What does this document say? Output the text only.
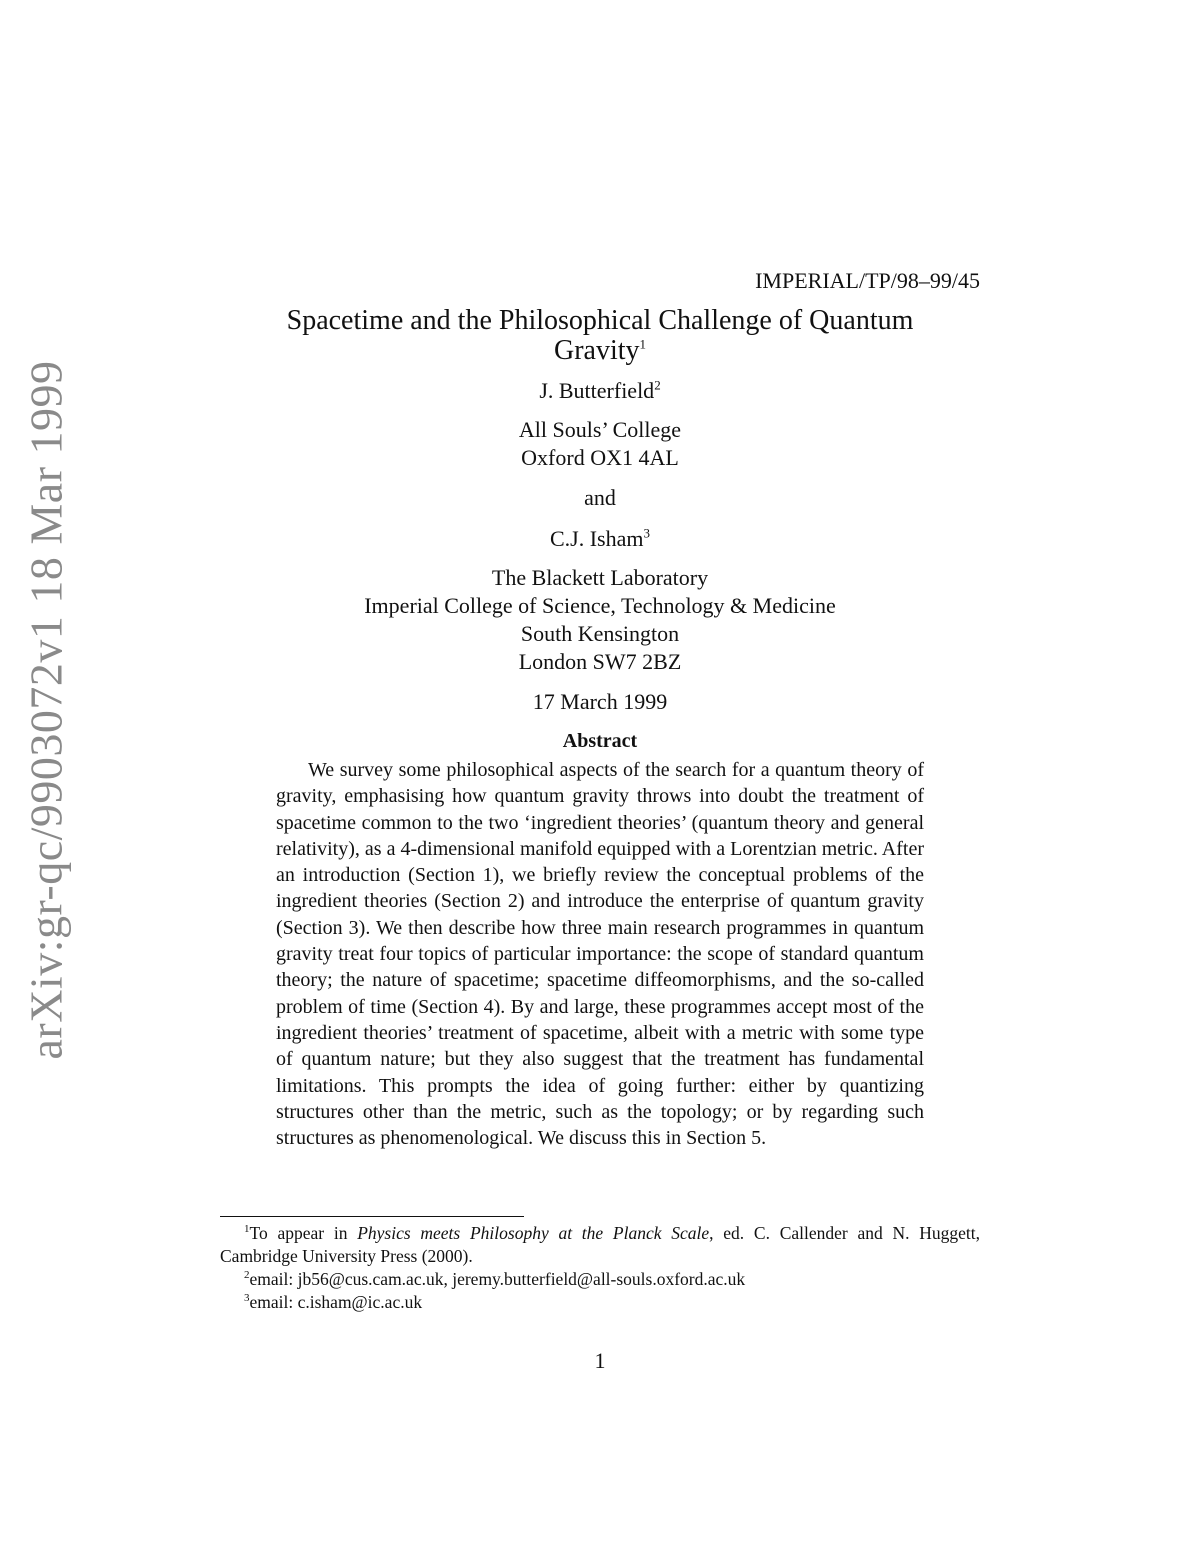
arXiv:gr-qc/9903072v1 18 Mar 1999
IMPERIAL/TP/98–99/45
Spacetime and the Philosophical Challenge of Quantum
Gravity$^1$
J. Butterfield$^2$
All Souls’ College
Oxford OX1 4AL
and
C.J. Isham$^3$
The Blackett Laboratory
Imperial College of Science, Technology & Medicine
South Kensington
London SW7 2BZ
17 March 1999
Abstract
We survey some philosophical aspects of the search for a quantum theory of gravity, emphasising how quantum gravity throws into doubt the treatment of spacetime common to the two ‘ingredient theories’ (quantum theory and general relativity), as a 4-dimensional manifold equipped with a Lorentzian metric. After an introduction (Section 1), we briefly review the conceptual problems of the ingredient theories (Section 2) and introduce the enterprise of quantum gravity (Section 3). We then describe how three main research programmes in quantum gravity treat four topics of particular importance: the scope of standard quantum theory; the nature of spacetime; spacetime diffeomorphisms, and the so-called problem of time (Section 4). By and large, these programmes accept most of the ingredient theories’ treatment of spacetime, albeit with a metric with some type of quantum nature; but they also suggest that the treatment has fundamental limitations. This prompts the idea of going further: either by quantizing structures other than the metric, such as the topology; or by regarding such structures as phenomenological. We discuss this in Section 5.

$^1$To appear in Physics meets Philosophy at the Planck Scale, ed. C. Callender and N. Huggett, Cambridge University Press (2000).

$^2$email: jb56@cus.cam.ac.uk, jeremy.butterfield@all-souls.oxford.ac.uk

$^3$email: c.isham@ic.ac.uk

1
